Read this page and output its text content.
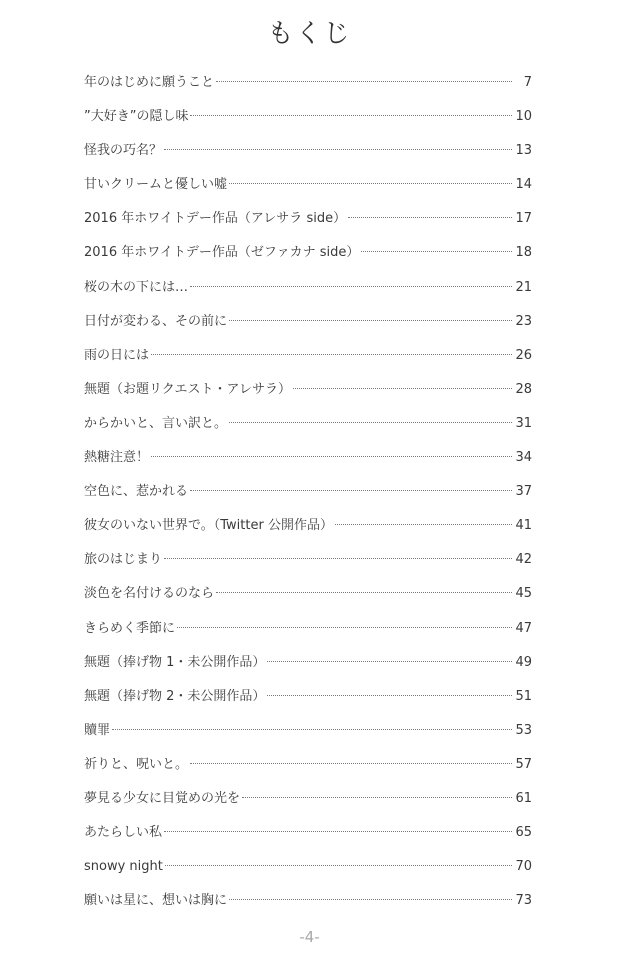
もくじ
年のはじめに願うこと	7
”大好き”の隠し味	10
怪我の巧名？	13
甘いクリームと優しい嘘	14
2016 年ホワイトデー作品（アレサラ side）	17
2016 年ホワイトデー作品（ゼファカナ side）	18
桜の木の下には…	21
日付が変わる、その前に	23
雨の日には	26
無題（お題リクエスト・アレサラ）	28
からかいと、言い訳と。	31
熱糖注意！	34
空色に、惹かれる	37
彼女のいない世界で。（Twitter 公開作品）	41
旅のはじまり	42
淡色を名付けるのなら	45
きらめく季節に	47
無題（捧げ物 1・未公開作品）	49
無題（捧げ物 2・未公開作品）	51
贖罪	53
祈りと、呪いと。	57
夢見る少女に目覚めの光を	61
あたらしい私	65
snowy night	70
願いは星に、想いは胸に	73
-4-
